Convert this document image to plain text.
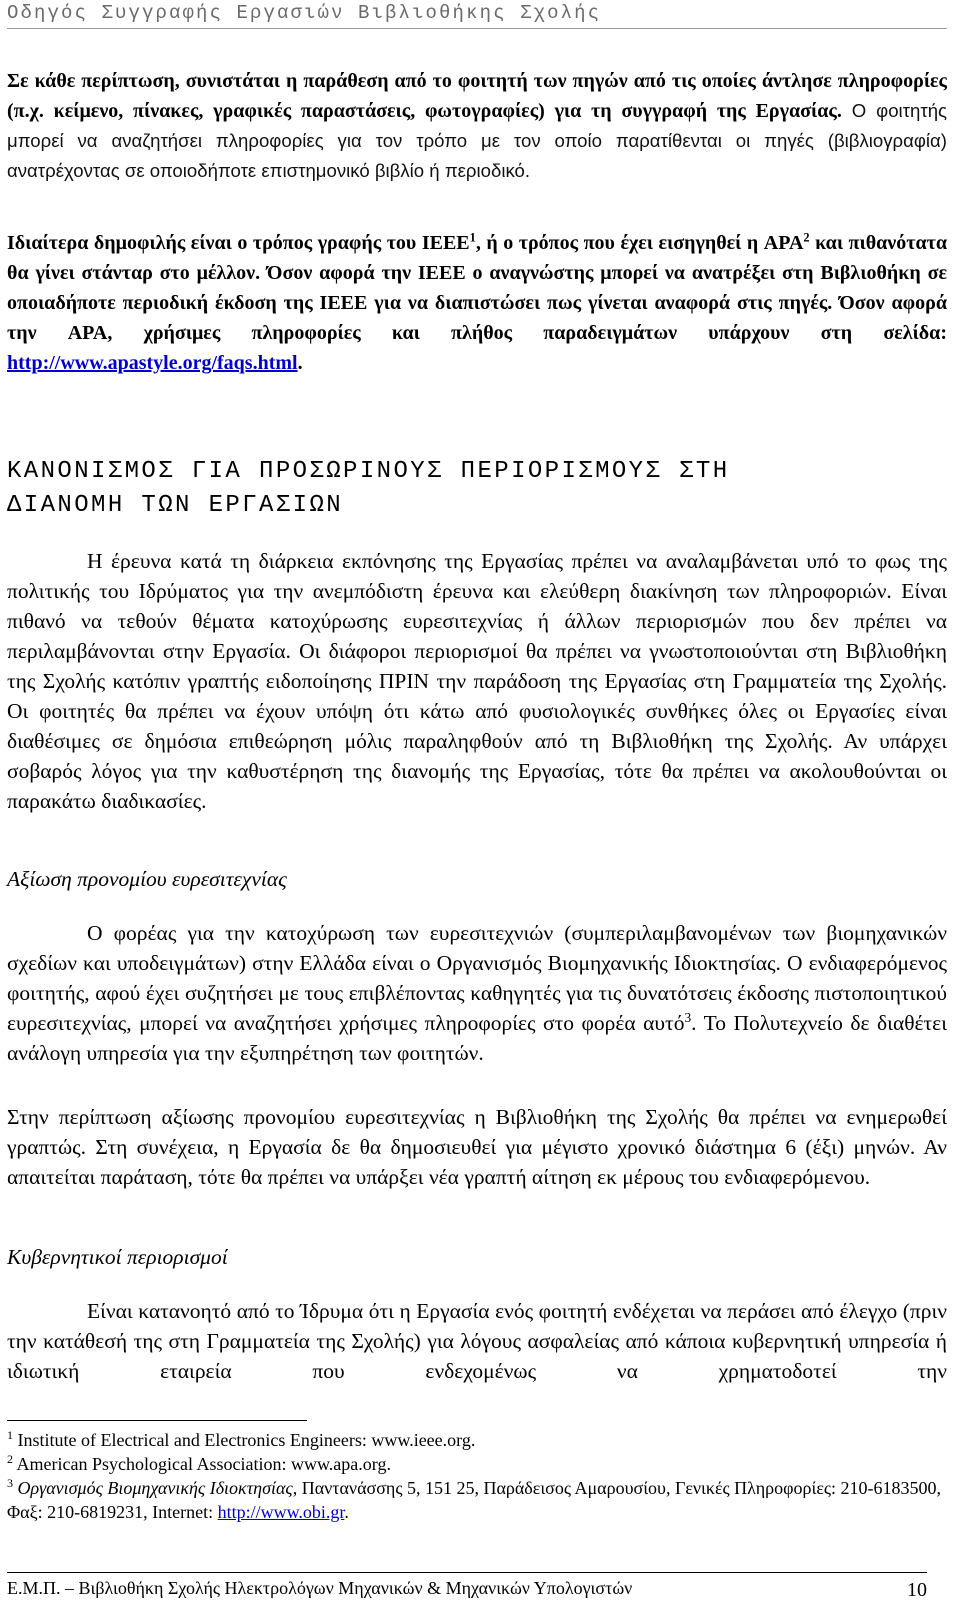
Οδηγός Συγγραφής Εργασιών Βιβλιοθήκης Σχολής

Σε κάθε περίπτωση, συνιστάται η παράθεση από το φοιτητή των πηγών από τις οποίες άντλησε πληροφορίες (π.χ. κείμενο, πίνακες, γραφικές παραστάσεις, φωτογραφίες) για τη συγγραφή της Εργασίας. Ο φοιτητής μπορεί να αναζητήσει πληροφορίες για τον τρόπο με τον οποίο παρατίθενται οι πηγές (βιβλιογραφία) ανατρέχοντας σε οποιοδήποτε επιστημονικό βιβλίο ή περιοδικό.

Ιδιαίτερα δημοφιλής είναι ο τρόπος γραφής του IEEE$^1$, ή ο τρόπος που έχει εισηγηθεί η APA$^2$ και πιθανότατα θα γίνει στάνταρ στο μέλλον. Όσον αφορά την IEEE ο αναγνώστης μπορεί να ανατρέξει στη Βιβλιοθήκη σε οποιαδήποτε περιοδική έκδοση της IEEE για να διαπιστώσει πως γίνεται αναφορά στις πηγές. Όσον αφορά την APA, χρήσιμες πληροφορίες και πλήθος παραδειγμάτων υπάρχουν στη σελίδα: http://www.apastyle.org/faqs.html.

ΚΑΝΟΝΙΣΜΟΣ ΓΙΑ ΠΡΟΣΩΡΙΝΟΥΣ ΠΕΡΙΟΡΙΣΜΟΥΣ ΣΤΗ

ΔΙΑΝΟΜΗ ΤΩΝ ΕΡΓΑΣΙΩΝ

Η έρευνα κατά τη διάρκεια εκπόνησης της Εργασίας πρέπει να αναλαμβάνεται υπό το φως της πολιτικής του Ιδρύματος για την ανεμπόδιστη έρευνα και ελεύθερη διακίνηση των πληροφοριών. Είναι πιθανό να τεθούν θέματα κατοχύρωσης ευρεσιτεχνίας ή άλλων περιορισμών που δεν πρέπει να περιλαμβάνονται στην Εργασία. Οι διάφοροι περιορισμοί θα πρέπει να γνωστοποιούνται στη Βιβλιοθήκη της Σχολής κατόπιν γραπτής ειδοποίησης ΠΡΙΝ την παράδοση της Εργασίας στη Γραμματεία της Σχολής. Οι φοιτητές θα πρέπει να έχουν υπόψη ότι κάτω από φυσιολογικές συνθήκες όλες οι Εργασίες είναι διαθέσιμες σε δημόσια επιθεώρηση μόλις παραληφθούν από τη Βιβλιοθήκη της Σχολής. Αν υπάρχει σοβαρός λόγος για την καθυστέρηση της διανομής της Εργασίας, τότε θα πρέπει να ακολουθούνται οι παρακάτω διαδικασίες.

Αξίωση προνομίου ευρεσιτεχνίας

Ο φορέας για την κατοχύρωση των ευρεσιτεχνιών (συμπεριλαμβανομένων των βιομηχανικών σχεδίων και υποδειγμάτων) στην Ελλάδα είναι ο Οργανισμός Βιομηχανικής Ιδιοκτησίας. Ο ενδιαφερόμενος φοιτητής, αφού έχει συζητήσει με τους επιβλέποντας καθηγητές για τις δυνατότσεις έκδοσης πιστοποιητικού ευρεσιτεχνίας, μπορεί να αναζητήσει χρήσιμες πληροφορίες στο φορέα αυτό$^3$. Το Πολυτεχνείο δε διαθέτει ανάλογη υπηρεσία για την εξυπηρέτηση των φοιτητών.

Στην περίπτωση αξίωσης προνομίου ευρεσιτεχνίας η Βιβλιοθήκη της Σχολής θα πρέπει να ενημερωθεί γραπτώς. Στη συνέχεια, η Εργασία δε θα δημοσιευθεί για μέγιστο χρονικό διάστημα 6 (έξι) μηνών. Αν απαιτείται παράταση, τότε θα πρέπει να υπάρξει νέα γραπτή αίτηση εκ μέρους του ενδιαφερόμενου.

Κυβερνητικοί περιορισμοί

Είναι κατανοητό από το Ίδρυμα ότι η Εργασία ενός φοιτητή ενδέχεται να περάσει από έλεγχο (πριν την κατάθεσή της στη Γραμματεία της Σχολής) για λόγους ασφαλείας από κάποια κυβερνητική υπηρεσία ή ιδιωτική εταιρεία που ενδεχομένως να χρηματοδοτεί την

$^1$ Institute of Electrical and Electronics Engineers: www.ieee.org.

$^2$ American Psychological Association: www.apa.org.

$^3$ Οργανισμός Βιομηχανικής Ιδιοκτησίας, Παντανάσσης 5, 151 25, Παράδεισος Αμαρουσίου, Γενικές Πληροφορίες: 210-6183500, Φαξ: 210-6819231, Internet: http://www.obi.gr.

Ε.Μ.Π. – Βιβλιοθήκη Σχολής Ηλεκτρολόγων Μηχανικών & Μηχανικών Υπολογιστών	10
